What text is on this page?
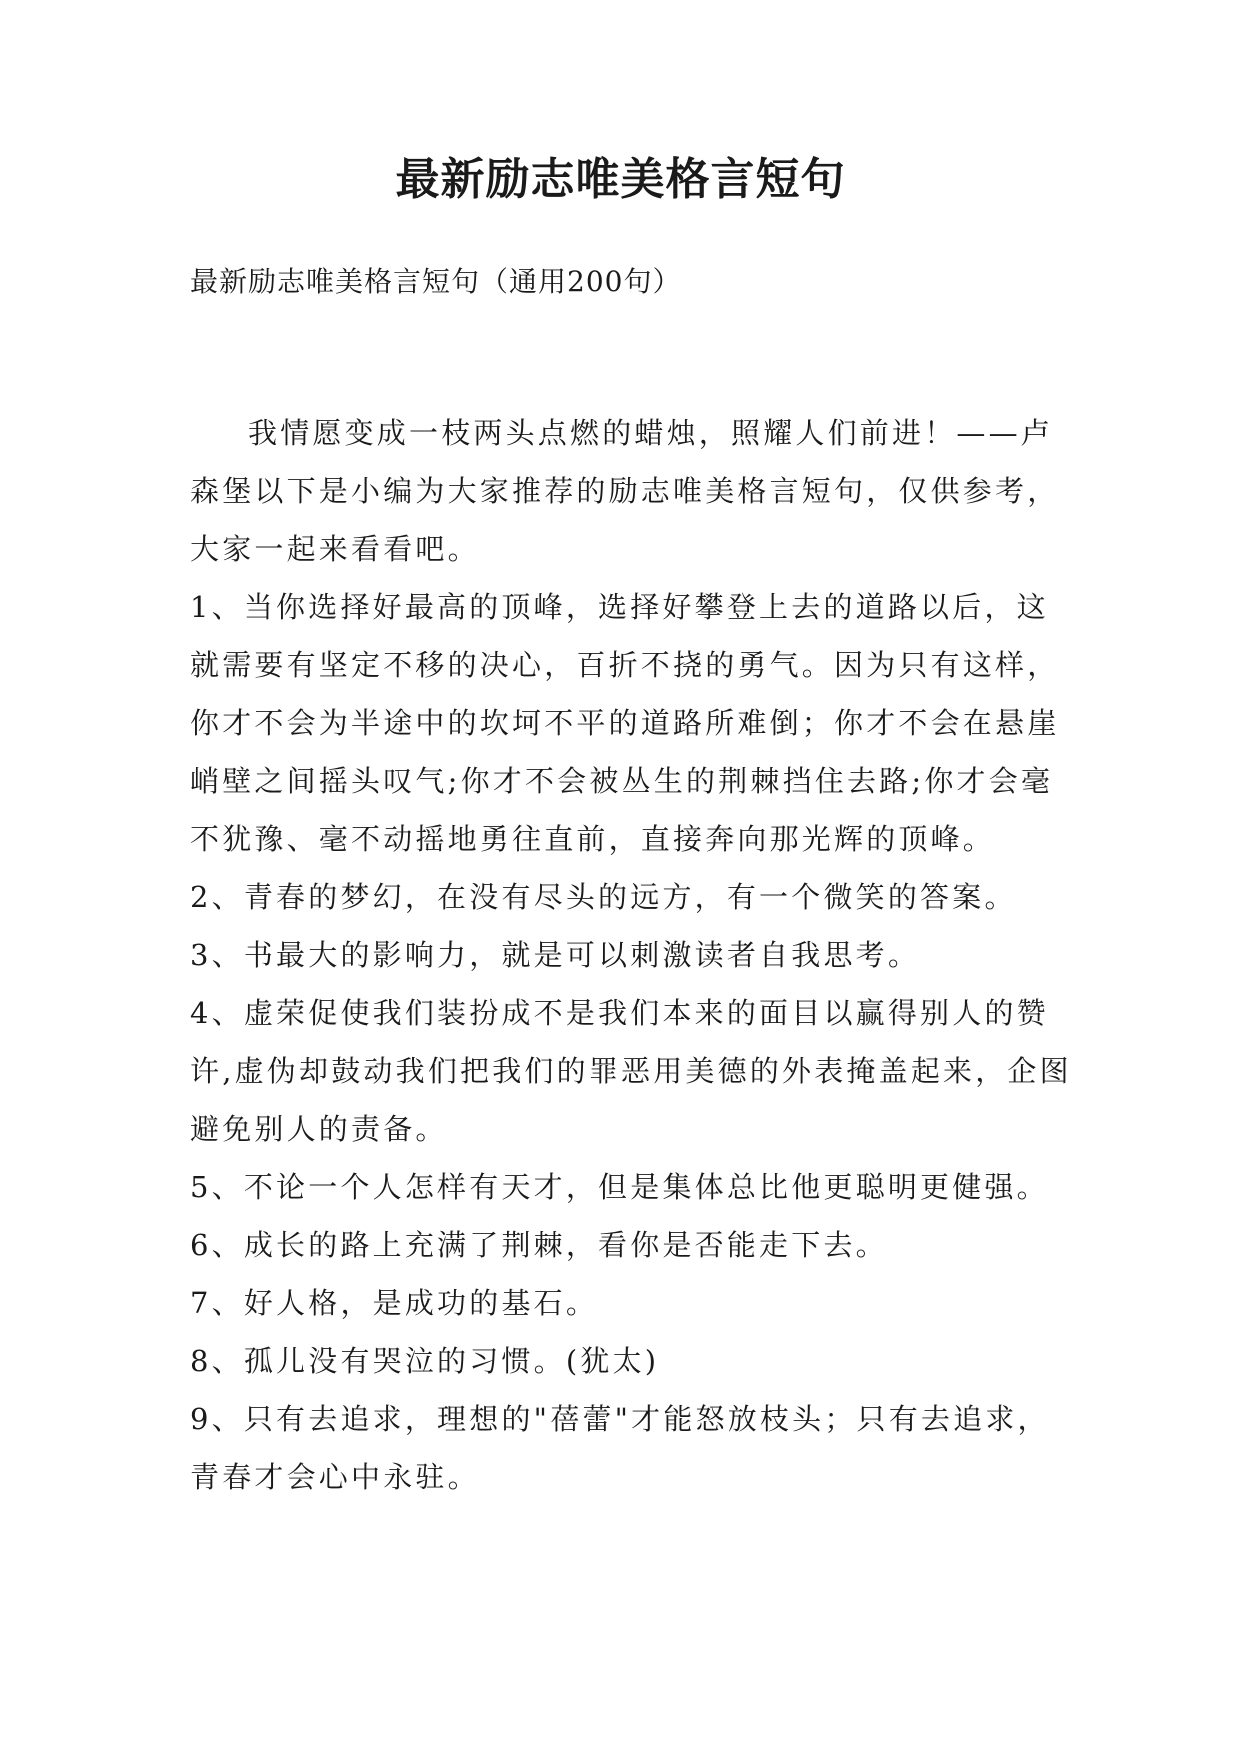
最新励志唯美格言短句

最新励志唯美格言短句（通用200句）

我情愿变成一枝两头点燃的蜡烛，照耀人们前进！——卢森堡以下是小编为大家推荐的励志唯美格言短句，仅供参考，大家一起来看看吧。

1、当你选择好最高的顶峰，选择好攀登上去的道路以后，这就需要有坚定不移的决心，百折不挠的勇气。因为只有这样，你才不会为半途中的坎坷不平的道路所难倒；你才不会在悬崖峭壁之间摇头叹气;你才不会被丛生的荆棘挡住去路;你才会毫不犹豫、毫不动摇地勇往直前，直接奔向那光辉的顶峰。

2、青春的梦幻，在没有尽头的远方，有一个微笑的答案。

3、书最大的影响力，就是可以刺激读者自我思考。

4、虚荣促使我们装扮成不是我们本来的面目以赢得别人的赞许,虚伪却鼓动我们把我们的罪恶用美德的外表掩盖起来，企图避免别人的责备。

5、不论一个人怎样有天才，但是集体总比他更聪明更健强。

6、成长的路上充满了荆棘，看你是否能走下去。

7、好人格，是成功的基石。

8、孤儿没有哭泣的习惯。(犹太)

9、只有去追求，理想的"蓓蕾"才能怒放枝头；只有去追求，青春才会心中永驻。
